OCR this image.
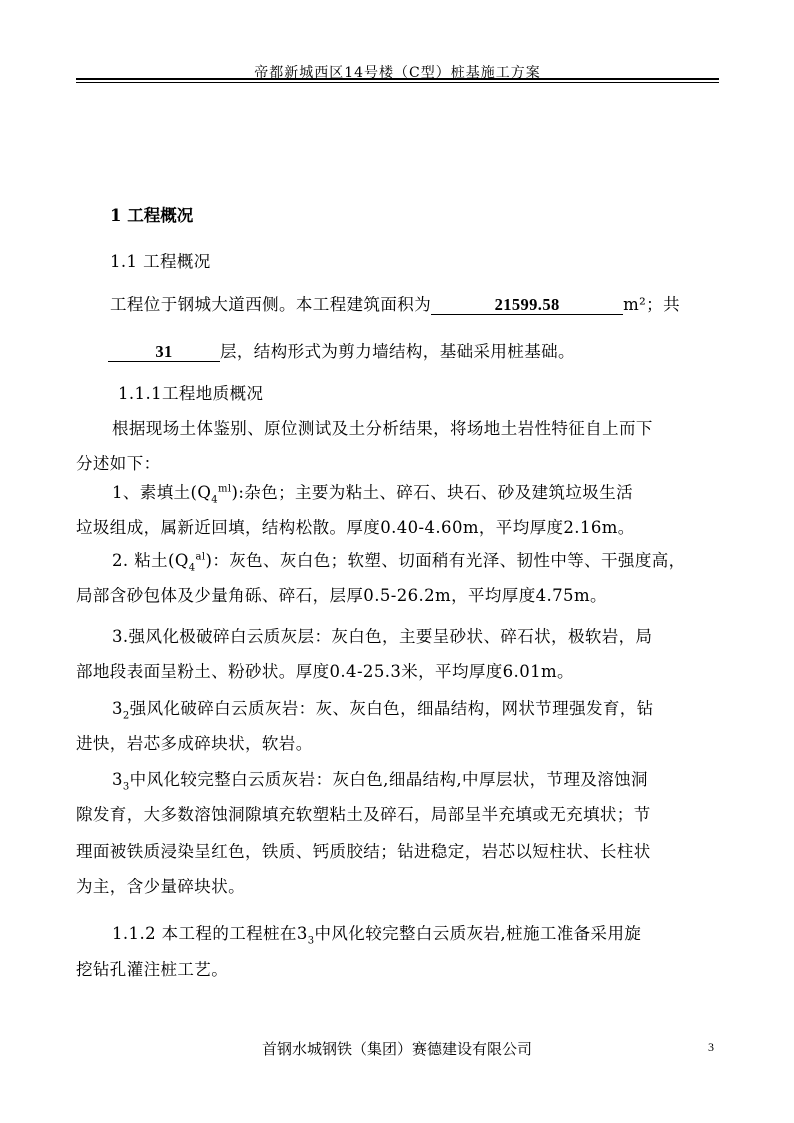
帝都新城西区14号楼（C型）桩基施工方案
1 工程概况
1.1 工程概况
工程位于钢城大道西侧。本工程建筑面积为	21599.58	m²；共
31	层，结构形式为剪力墙结构，基础采用桩基础。
1.1.1工程地质概况
根据现场土体鉴别、原位测试及土分析结果，将场地土岩性特征自上而下
分述如下：
1、素填土$(Q_4^{ml})$:杂色；主要为粘土、碎石、块石、砂及建筑垃圾生活
垃圾组成，属新近回填，结构松散。厚度0.40-4.60m，平均厚度2.16m。
2. 粘土$(Q_4^{al})$：灰色、灰白色；软塑、切面稍有光泽、韧性中等、干强度高，
局部含砂包体及少量角砾、碎石，层厚0.5-26.2m，平均厚度4.75m。
3.强风化极破碎白云质灰层：灰白色，主要呈砂状、碎石状，极软岩，局
部地段表面呈粉土、粉砂状。厚度0.4-25.3米，平均厚度6.01m。
$3_2$强风化破碎白云质灰岩：灰、灰白色，细晶结构，网状节理强发育，钻
进快，岩芯多成碎块状，软岩。
$3_3$中风化较完整白云质灰岩：灰白色,细晶结构,中厚层状，节理及溶蚀洞
隙发育，大多数溶蚀洞隙填充软塑粘土及碎石，局部呈半充填或无充填状；节
理面被铁质浸染呈红色，铁质、钙质胶结；钻进稳定，岩芯以短柱状、长柱状
为主，含少量碎块状。
1.1.2 本工程的工程桩在$3_3$中风化较完整白云质灰岩,桩施工准备采用旋
挖钻孔灌注桩工艺。
首钢水城钢铁（集团）赛德建设有限公司	3
